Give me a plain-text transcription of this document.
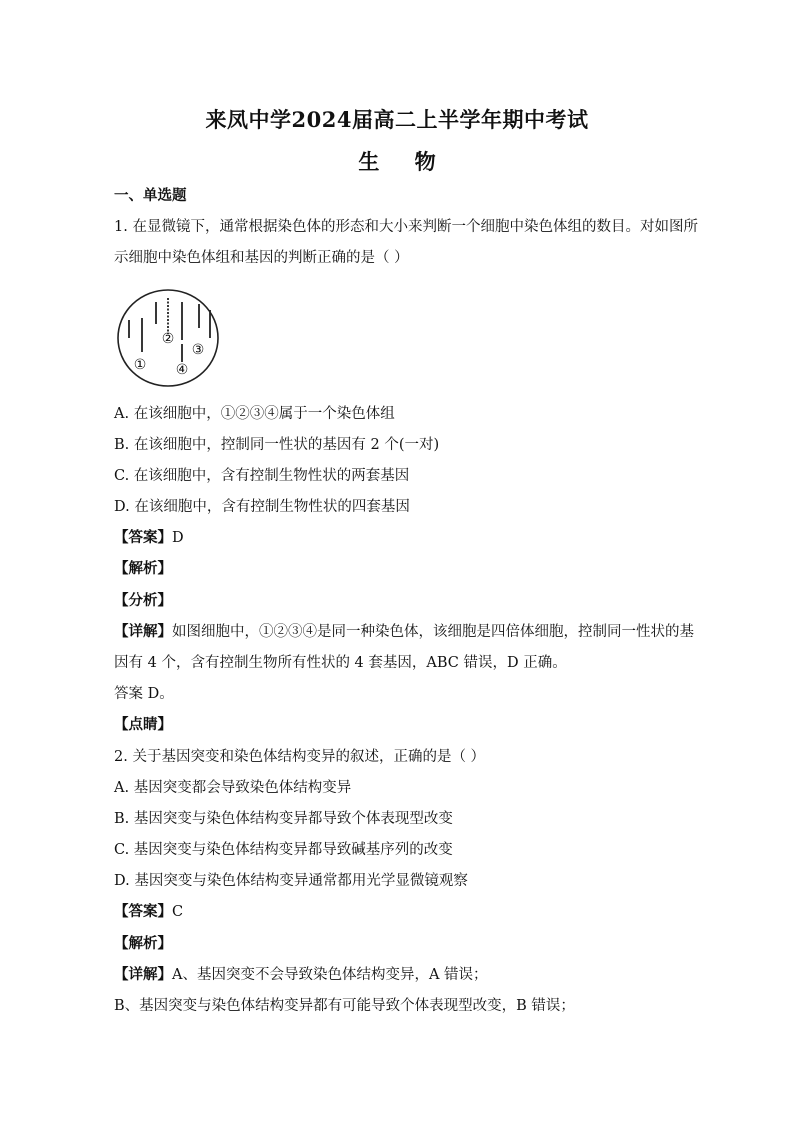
来凤中学2024届高二上半学年期中考试
生 物
一、单选题
1. 在显微镜下，通常根据染色体的形态和大小来判断一个细胞中染色体组的数目。对如图所
示细胞中染色体组和基因的判断正确的是（ ）
①
②
③
④
A. 在该细胞中，①②③④属于一个染色体组
B. 在该细胞中，控制同一性状的基因有 2 个(一对)
C. 在该细胞中，含有控制生物性状的两套基因
D. 在该细胞中，含有控制生物性状的四套基因
【答案】D
【解析】
【分析】
【详解】如图细胞中，①②③④是同一种染色体，该细胞是四倍体细胞，控制同一性状的基
因有 4 个，含有控制生物所有性状的 4 套基因，ABC 错误，D 正确。
答案 D。
【点睛】
2. 关于基因突变和染色体结构变异的叙述，正确的是（ ）
A. 基因突变都会导致染色体结构变异
B. 基因突变与染色体结构变异都导致个体表现型改变
C. 基因突变与染色体结构变异都导致碱基序列的改变
D. 基因突变与染色体结构变异通常都用光学显微镜观察
【答案】C
【解析】
【详解】A、基因突变不会导致染色体结构变异，A 错误；
B、基因突变与染色体结构变异都有可能导致个体表现型改变，B 错误；
